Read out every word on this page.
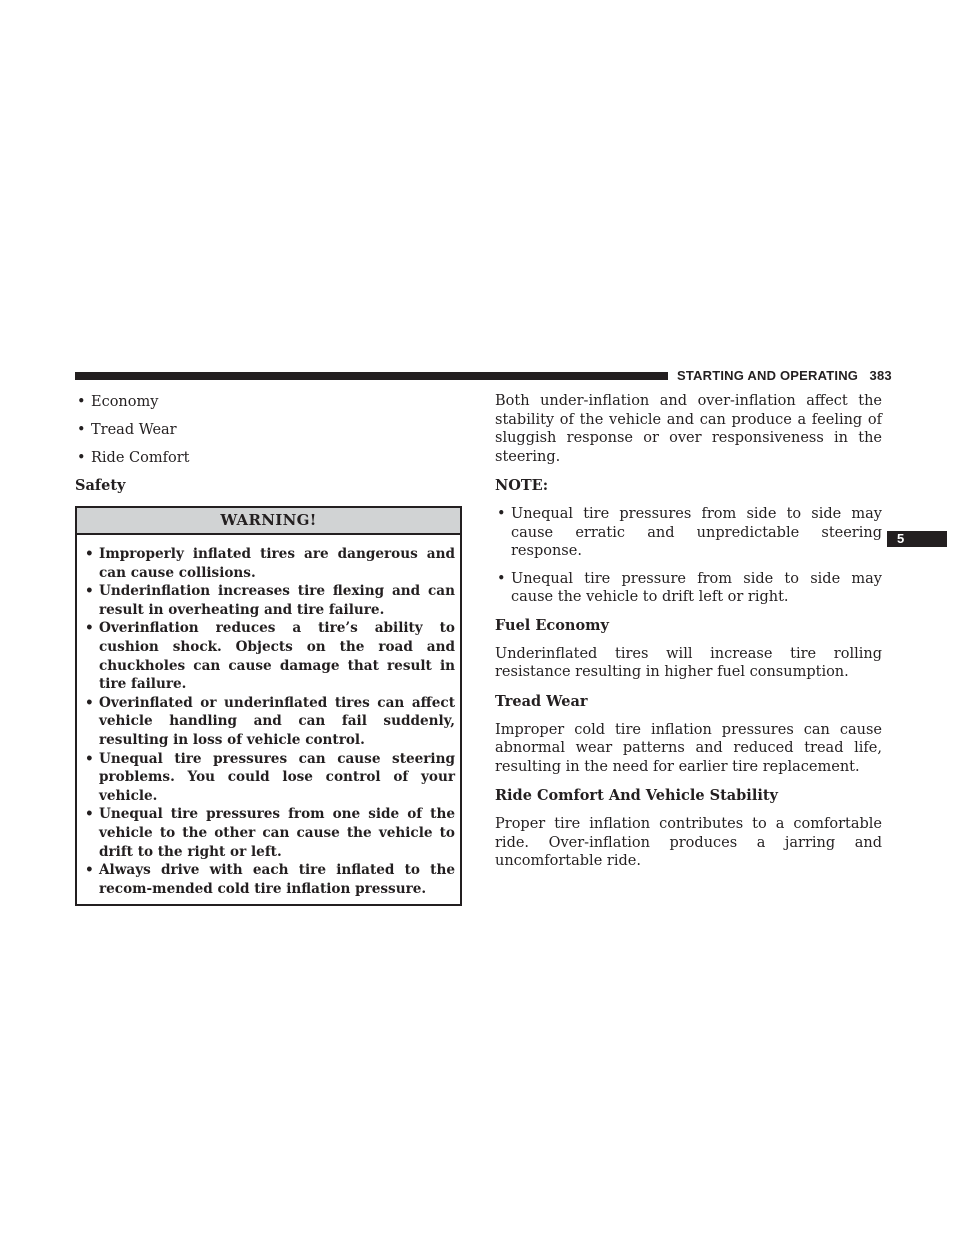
STARTING AND OPERATING 383
5
• Economy
• Tread Wear
• Ride Comfort
Safety
WARNING!
• Improperly inflated tires are dangerous and can cause collisions.
• Underinflation increases tire flexing and can result in overheating and tire failure.
• Overinflation reduces a tire’s ability to cushion shock. Objects on the road and chuckholes can cause damage that result in tire failure.
• Overinflated or underinflated tires can affect vehicle handling and can fail suddenly, resulting in loss of vehicle control.
• Unequal tire pressures can cause steering problems. You could lose control of your vehicle.
• Unequal tire pressures from one side of the vehicle to the other can cause the vehicle to drift to the right or left.
• Always drive with each tire inflated to the recom-mended cold tire inflation pressure.

Both under-inflation and over-inflation affect the stability of the vehicle and can produce a feeling of sluggish response or over responsiveness in the steering.

NOTE:
• Unequal tire pressures from side to side may cause erratic and unpredictable steering response.
• Unequal tire pressure from side to side may cause the vehicle to drift left or right.
Fuel Economy

Underinflated tires will increase tire rolling resistance resulting in higher fuel consumption.

Tread Wear

Improper cold tire inflation pressures can cause abnormal wear patterns and reduced tread life, resulting in the need for earlier tire replacement.

Ride Comfort And Vehicle Stability

Proper tire inflation contributes to a comfortable ride. Over-inflation produces a jarring and uncomfortable ride.
